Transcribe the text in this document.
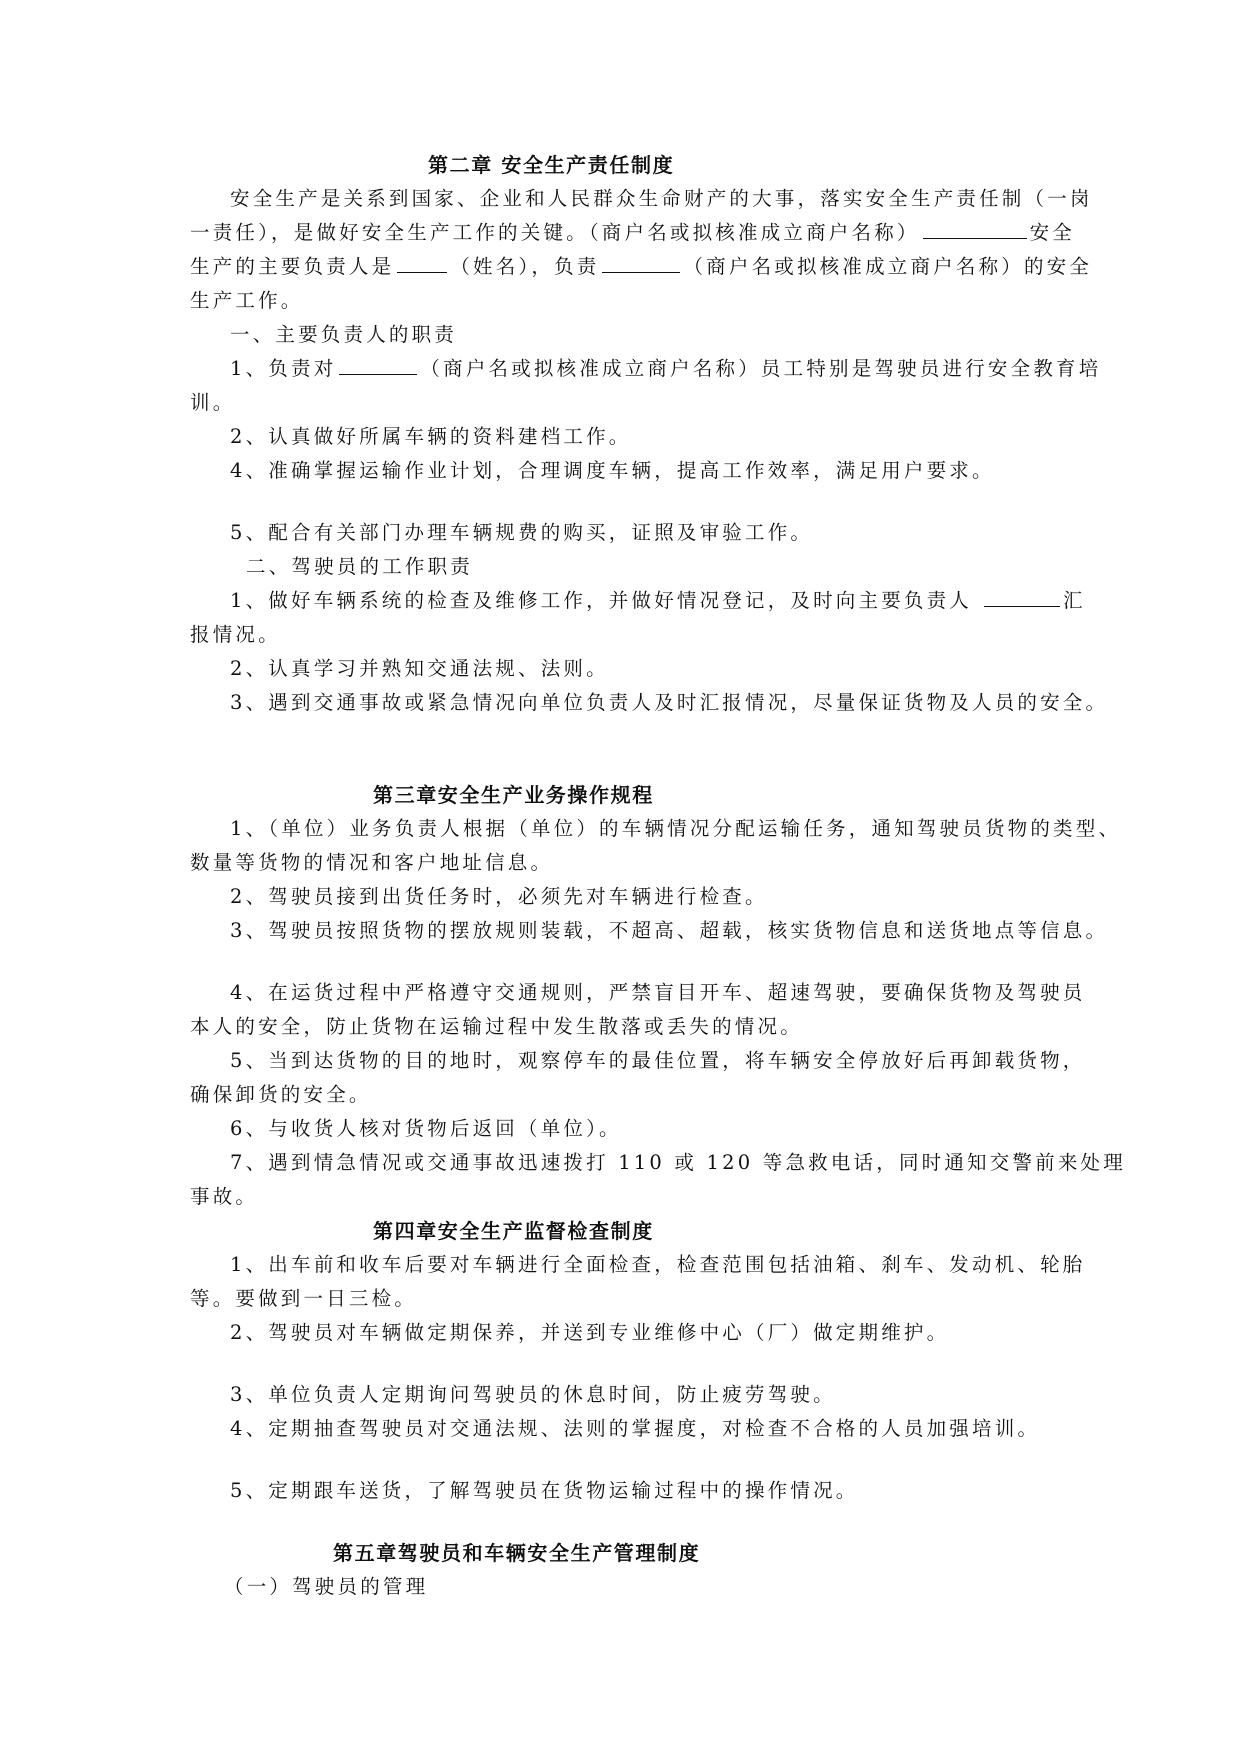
第二章 安全生产责任制度
安全生产是关系到国家、企业和人民群众生命财产的大事，落实安全生产责任制（一岗
一责任），是做好安全生产工作的关键。（商户名或拟核准成立商户名称）	安全
生产的主要负责人是	（姓名），负责	（商户名或拟核准成立商户名称）的安全
生产工作。
一、主要负责人的职责
1、负责对	（商户名或拟核准成立商户名称）员工特别是驾驶员进行安全教育培
训。
2、认真做好所属车辆的资料建档工作。
4、准确掌握运输作业计划，合理调度车辆，提高工作效率，满足用户要求。
5、配合有关部门办理车辆规费的购买，证照及审验工作。
二、驾驶员的工作职责
1、做好车辆系统的检查及维修工作，并做好情况登记，及时向主要负责人	汇
报情况。
2、认真学习并熟知交通法规、法则。
3、遇到交通事故或紧急情况向单位负责人及时汇报情况，尽量保证货物及人员的安全。
第三章安全生产业务操作规程
1、（单位）业务负责人根据（单位）的车辆情况分配运输任务，通知驾驶员货物的类型、
数量等货物的情况和客户地址信息。
2、驾驶员接到出货任务时，必须先对车辆进行检查。
3、驾驶员按照货物的摆放规则装载，不超高、超载，核实货物信息和送货地点等信息。
4、在运货过程中严格遵守交通规则，严禁盲目开车、超速驾驶，要确保货物及驾驶员
本人的安全，防止货物在运输过程中发生散落或丢失的情况。
5、当到达货物的目的地时，观察停车的最佳位置，将车辆安全停放好后再卸载货物，
确保卸货的安全。
6、与收货人核对货物后返回（单位）。
7、遇到情急情况或交通事故迅速拨打 110 或 120 等急救电话，同时通知交警前来处理
事故。
第四章安全生产监督检查制度
1、出车前和收车后要对车辆进行全面检查，检查范围包括油箱、刹车、发动机、轮胎
等。要做到一日三检。
2、驾驶员对车辆做定期保养，并送到专业维修中心（厂）做定期维护。
3、单位负责人定期询问驾驶员的休息时间，防止疲劳驾驶。
4、定期抽查驾驶员对交通法规、法则的掌握度，对检查不合格的人员加强培训。
5、定期跟车送货，了解驾驶员在货物运输过程中的操作情况。
第五章驾驶员和车辆安全生产管理制度
（一）驾驶员的管理
